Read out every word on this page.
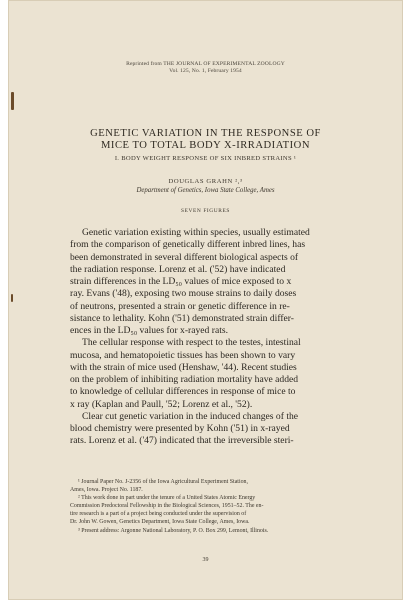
Reprinted from THE JOURNAL OF EXPERIMENTAL ZOOLOGY
Vol. 125, No. 1, February 1954
GENETIC VARIATION IN THE RESPONSE OF
MICE TO TOTAL BODY X-IRRADIATION
I. BODY WEIGHT RESPONSE OF SIX INBRED STRAINS ¹
DOUGLAS GRAHN ²,³
Department of Genetics, Iowa State College, Ames
SEVEN FIGURES
Genetic variation existing within species, usually estimated
from the comparison of genetically different inbred lines, has
been demonstrated in several different biological aspects of
the radiation response. Lorenz et al. ('52) have indicated
strain differences in the LD₅₀ values of mice exposed to x
ray. Evans ('48), exposing two mouse strains to daily doses
of neutrons, presented a strain or genetic difference in re-
sistance to lethality. Kohn ('51) demonstrated strain differ-
ences in the LD₅₀ values for x-rayed rats.
The cellular response with respect to the testes, intestinal
mucosa, and hematopoietic tissues has been shown to vary
with the strain of mice used (Henshaw, '44). Recent studies
on the problem of inhibiting radiation mortality have added
to knowledge of cellular differences in response of mice to
x ray (Kaplan and Paull, '52; Lorenz et al., '52).
Clear cut genetic variation in the induced changes of the
blood chemistry were presented by Kohn ('51) in x-rayed
rats. Lorenz et al. ('47) indicated that the irreversible steri-
¹ Journal Paper No. J-2356 of the Iowa Agricultural Experiment Station,
Ames, Iowa. Project No. 1187.
² This work done in part under the tenure of a United States Atomic Energy
Commission Predoctoral Fellowship in the Biological Sciences, 1951–52. The en-
tire research is a part of a project being conducted under the supervision of
Dr. John W. Gowen, Genetics Department, Iowa State College, Ames, Iowa.
³ Present address: Argonne National Laboratory, P. O. Box 299, Lemont, Illinois.
39
